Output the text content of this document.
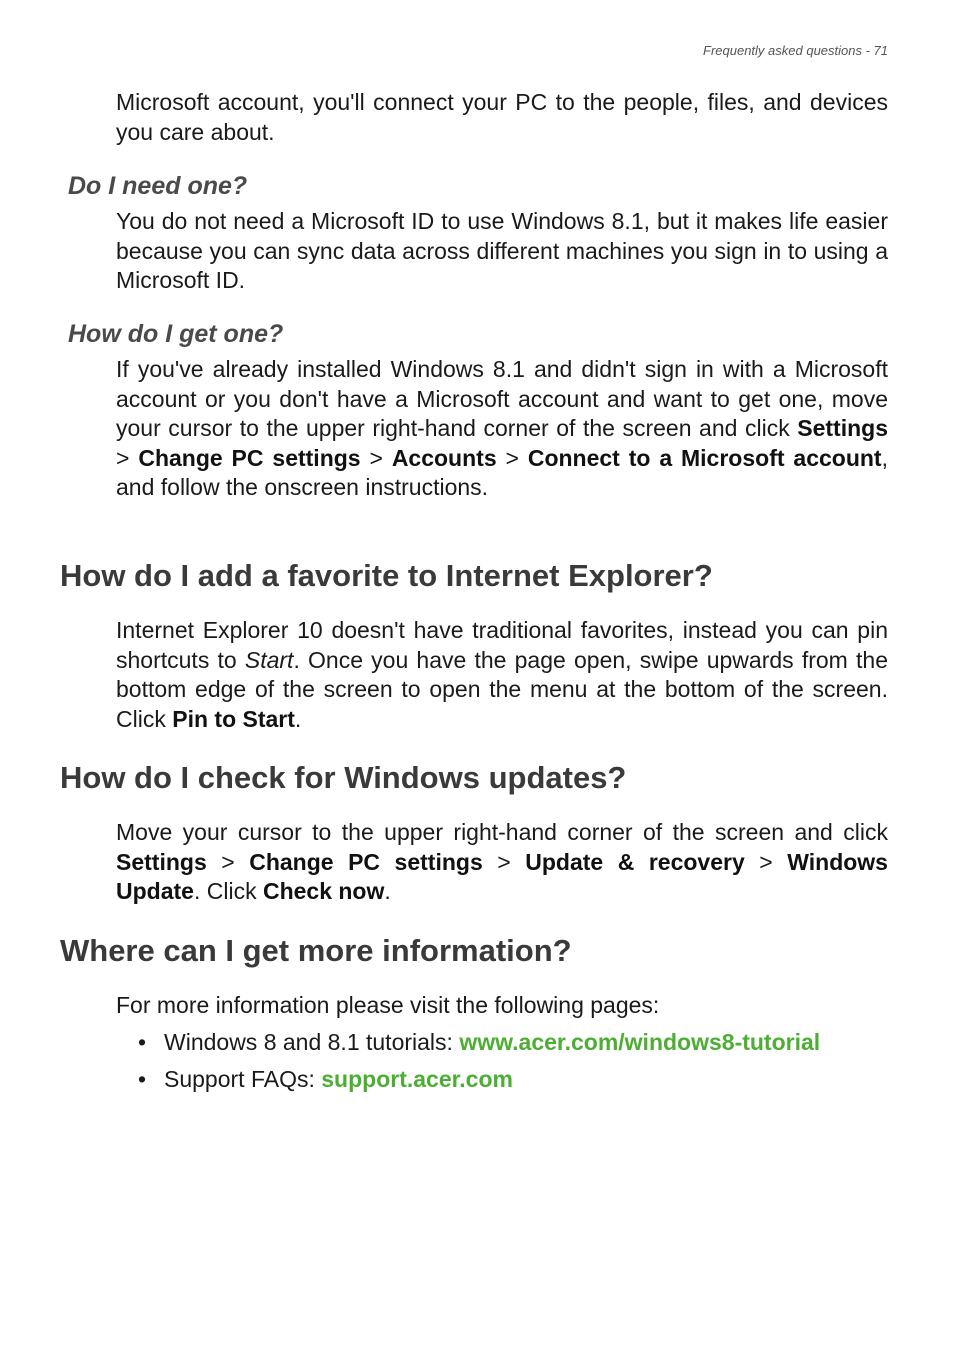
Frequently asked questions - 71

Microsoft account, you'll connect your PC to the people, files, and devices you care about.

Do I need one?

You do not need a Microsoft ID to use Windows 8.1, but it makes life easier because you can sync data across different machines you sign in to using a Microsoft ID.

How do I get one?

If you've already installed Windows 8.1 and didn't sign in with a Microsoft account or you don't have a Microsoft account and want to get one, move your cursor to the upper right-hand corner of the screen and click Settings > Change PC settings > Accounts > Connect to a Microsoft account, and follow the onscreen instructions.

How do I add a favorite to Internet Explorer?

Internet Explorer 10 doesn't have traditional favorites, instead you can pin shortcuts to Start. Once you have the page open, swipe upwards from the bottom edge of the screen to open the menu at the bottom of the screen. Click Pin to Start.

How do I check for Windows updates?

Move your cursor to the upper right-hand corner of the screen and click Settings > Change PC settings > Update & recovery > Windows Update. Click Check now.

Where can I get more information?

For more information please visit the following pages:

• Windows 8 and 8.1 tutorials: www.acer.com/windows8-tutorial
• Support FAQs: support.acer.com
